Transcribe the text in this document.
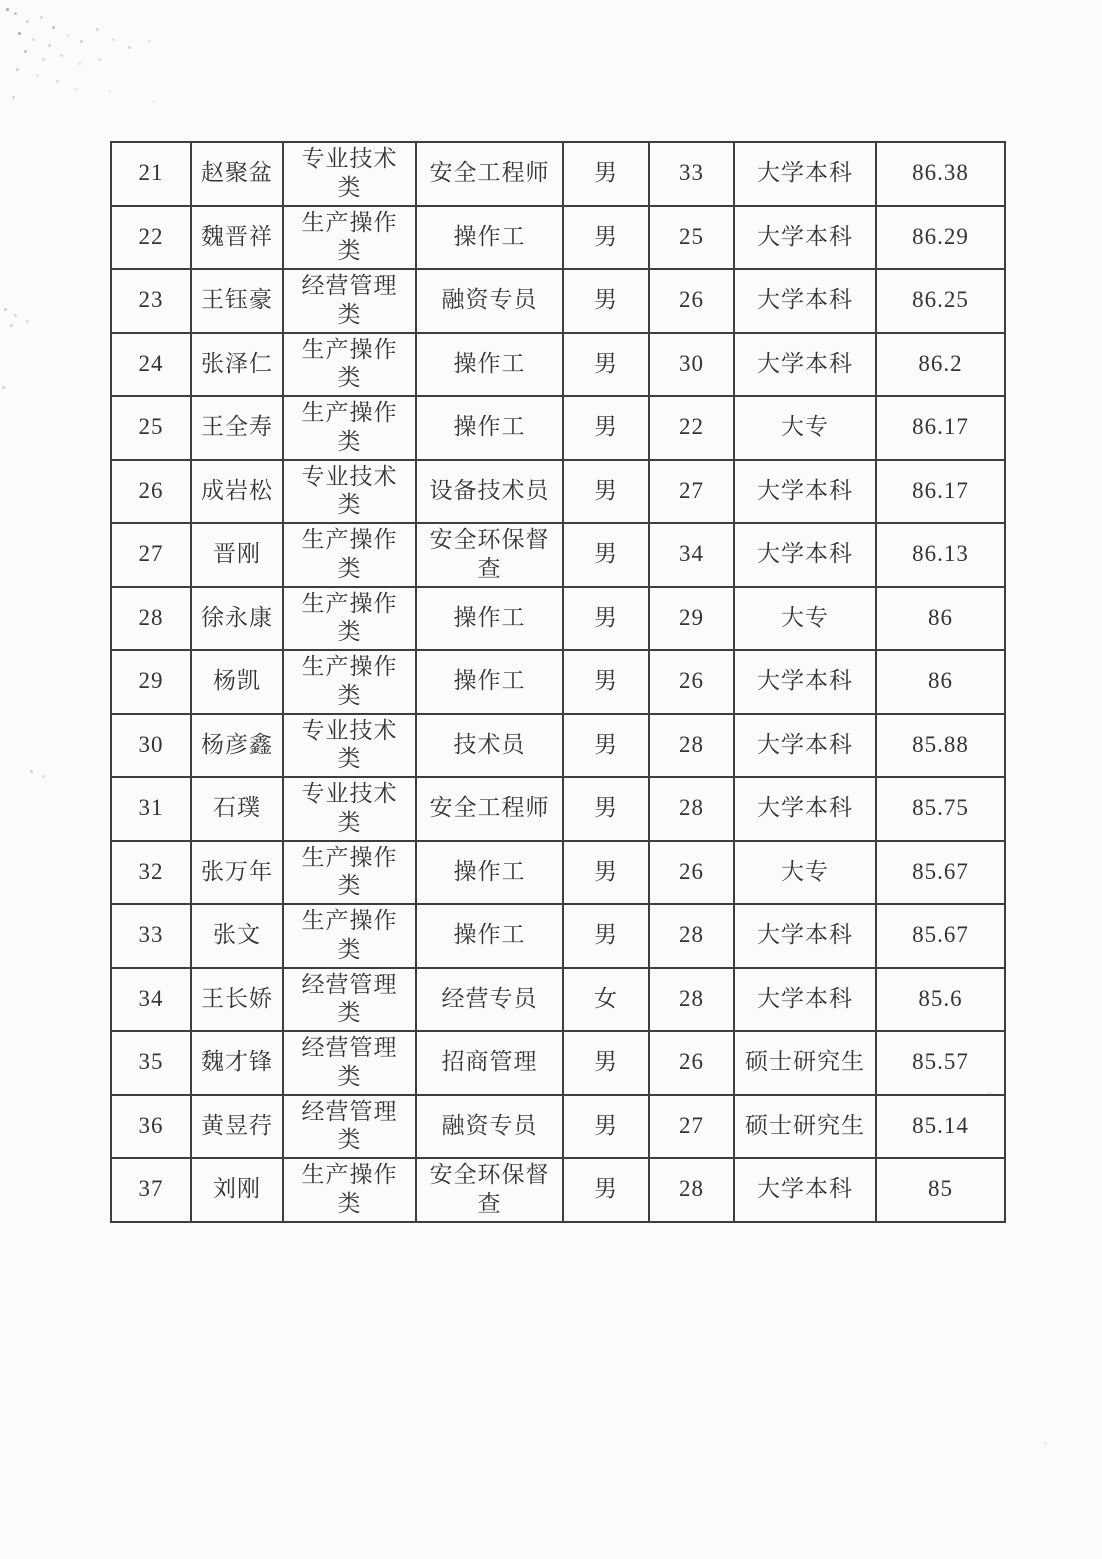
21	赵聚盆	专业技术类	安全工程师	男	33	大学本科	86.38
22	魏晋祥	生产操作类	操作工	男	25	大学本科	86.29
23	王钰豪	经营管理类	融资专员	男	26	大学本科	86.25
24	张泽仁	生产操作类	操作工	男	30	大学本科	86.2
25	王全寿	生产操作类	操作工	男	22	大专	86.17
26	成岩松	专业技术类	设备技术员	男	27	大学本科	86.17
27	晋刚	生产操作类	安全环保督查	男	34	大学本科	86.13
28	徐永康	生产操作类	操作工	男	29	大专	86
29	杨凯	生产操作类	操作工	男	26	大学本科	86
30	杨彦鑫	专业技术类	技术员	男	28	大学本科	85.88
31	石璞	专业技术类	安全工程师	男	28	大学本科	85.75
32	张万年	生产操作类	操作工	男	26	大专	85.67
33	张文	生产操作类	操作工	男	28	大学本科	85.67
34	王长娇	经营管理类	经营专员	女	28	大学本科	85.6
35	魏才锋	经营管理类	招商管理	男	26	硕士研究生	85.57
36	黄昱荇	经营管理类	融资专员	男	27	硕士研究生	85.14
37	刘刚	生产操作类	安全环保督查	男	28	大学本科	85
